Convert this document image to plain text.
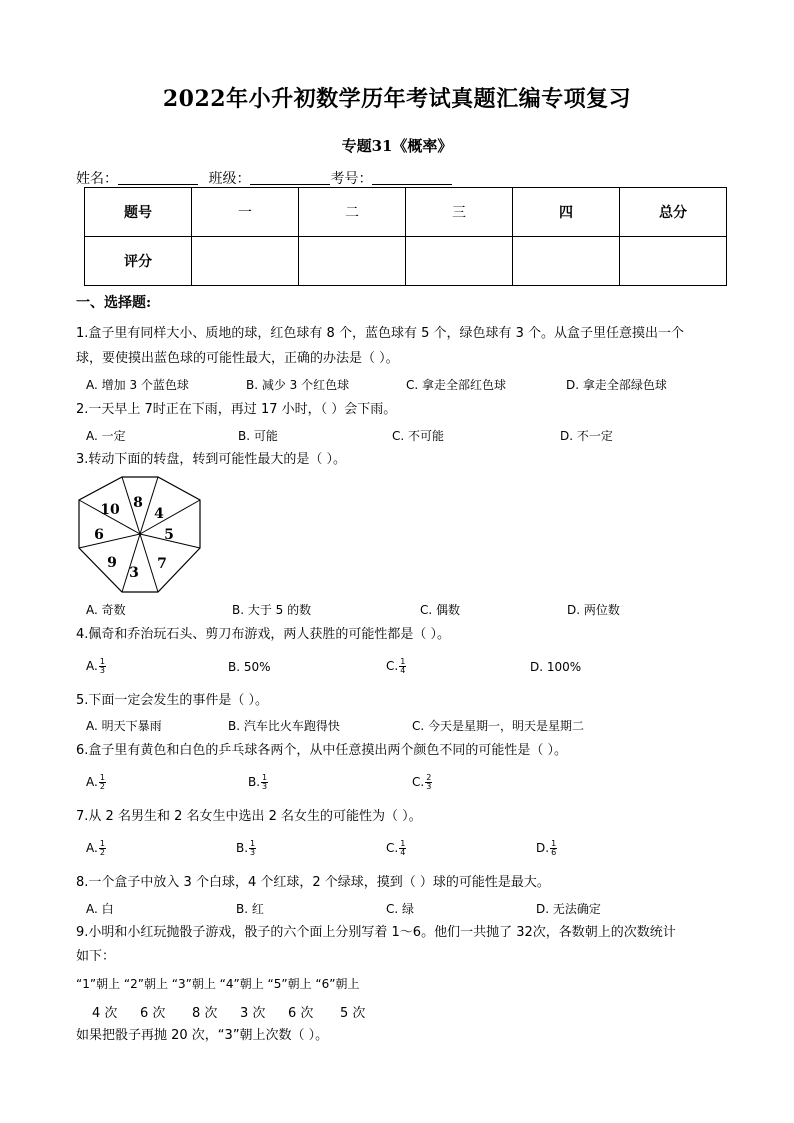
2022年小升初数学历年考试真题汇编专项复习
专题31《概率》
姓名：	班级：	考号：
题号	一	二	三	四	总分
评分					
一、选择题:
1.盒子里有同样大小、质地的球，红色球有 8 个，蓝色球有 5 个，绿色球有 3 个。从盒子里任意摸出一个
球，要使摸出蓝色球的可能性最大，正确的办法是（ ）。
A. 增加 3 个蓝色球	B. 减少 3 个红色球	C. 拿走全部红色球	D. 拿走全部绿色球
2.一天早上 7时正在下雨，再过 17 小时，（ ）会下雨。
A. 一定	B. 可能	C. 不可能	D. 不一定
3.转动下面的转盘，转到可能性最大的是（ ）。
8
4
5
7
3
9
6
10
A. 奇数	B. 大于 5 的数	C. 偶数	D. 两位数
4.佩奇和乔治玩石头、剪刀布游戏，两人获胜的可能性都是（ ）。
A. $\frac{1}{3}$	B. 50%	C. $\frac{1}{4}$	D. 100%
5.下面一定会发生的事件是（ ）。
A. 明天下暴雨	B. 汽车比火车跑得快	C. 今天是星期一，明天是星期二
6.盒子里有黄色和白色的乒乓球各两个，从中任意摸出两个颜色不同的可能性是（ ）。
A. $\frac{1}{2}$	B. $\frac{1}{3}$	C. $\frac{2}{3}$
7.从 2 名男生和 2 名女生中选出 2 名女生的可能性为（ ）。
A. $\frac{1}{2}$	B. $\frac{1}{3}$	C. $\frac{1}{4}$	D. $\frac{1}{6}$
8.一个盒子中放入 3 个白球，4 个红球，2 个绿球，摸到（ ）球的可能性是最大。
A. 白	B. 红	C. 绿	D. 无法确定
9.小明和小红玩抛骰子游戏，骰子的六个面上分别写着 1～6。他们一共抛了 32次，各数朝上的次数统计
如下：
“1”朝上 “2”朝上 “3”朝上 “4”朝上 “5”朝上 “6”朝上
4 次 6 次 8 次 3 次 6 次 5 次
如果把骰子再抛 20 次，“3”朝上次数（ ）。
